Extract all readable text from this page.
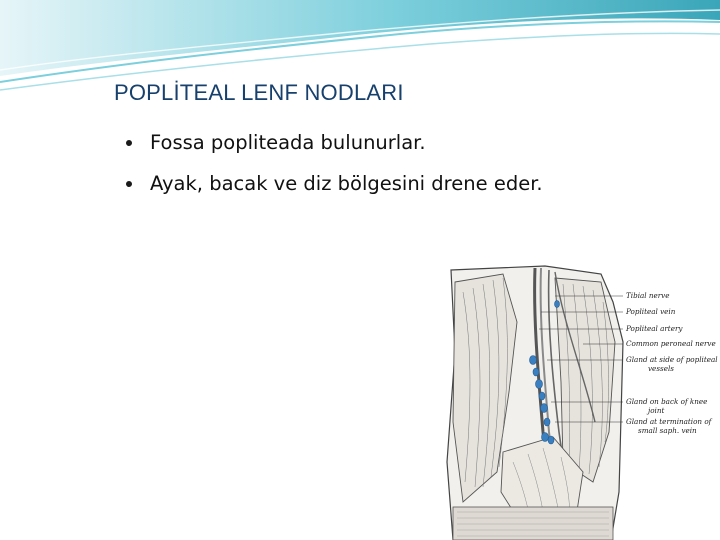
POPLİTEAL LENF NODLARI
Fossa popliteada bulunurlar.
Ayak, bacak ve diz bölgesini drene eder.
Tibial nerve
Popliteal vein
Popliteal artery
Common peroneal nerve
Gland at side of popliteal
vessels
Gland on back of knee
joint
Gland at termination of
small saph. vein
